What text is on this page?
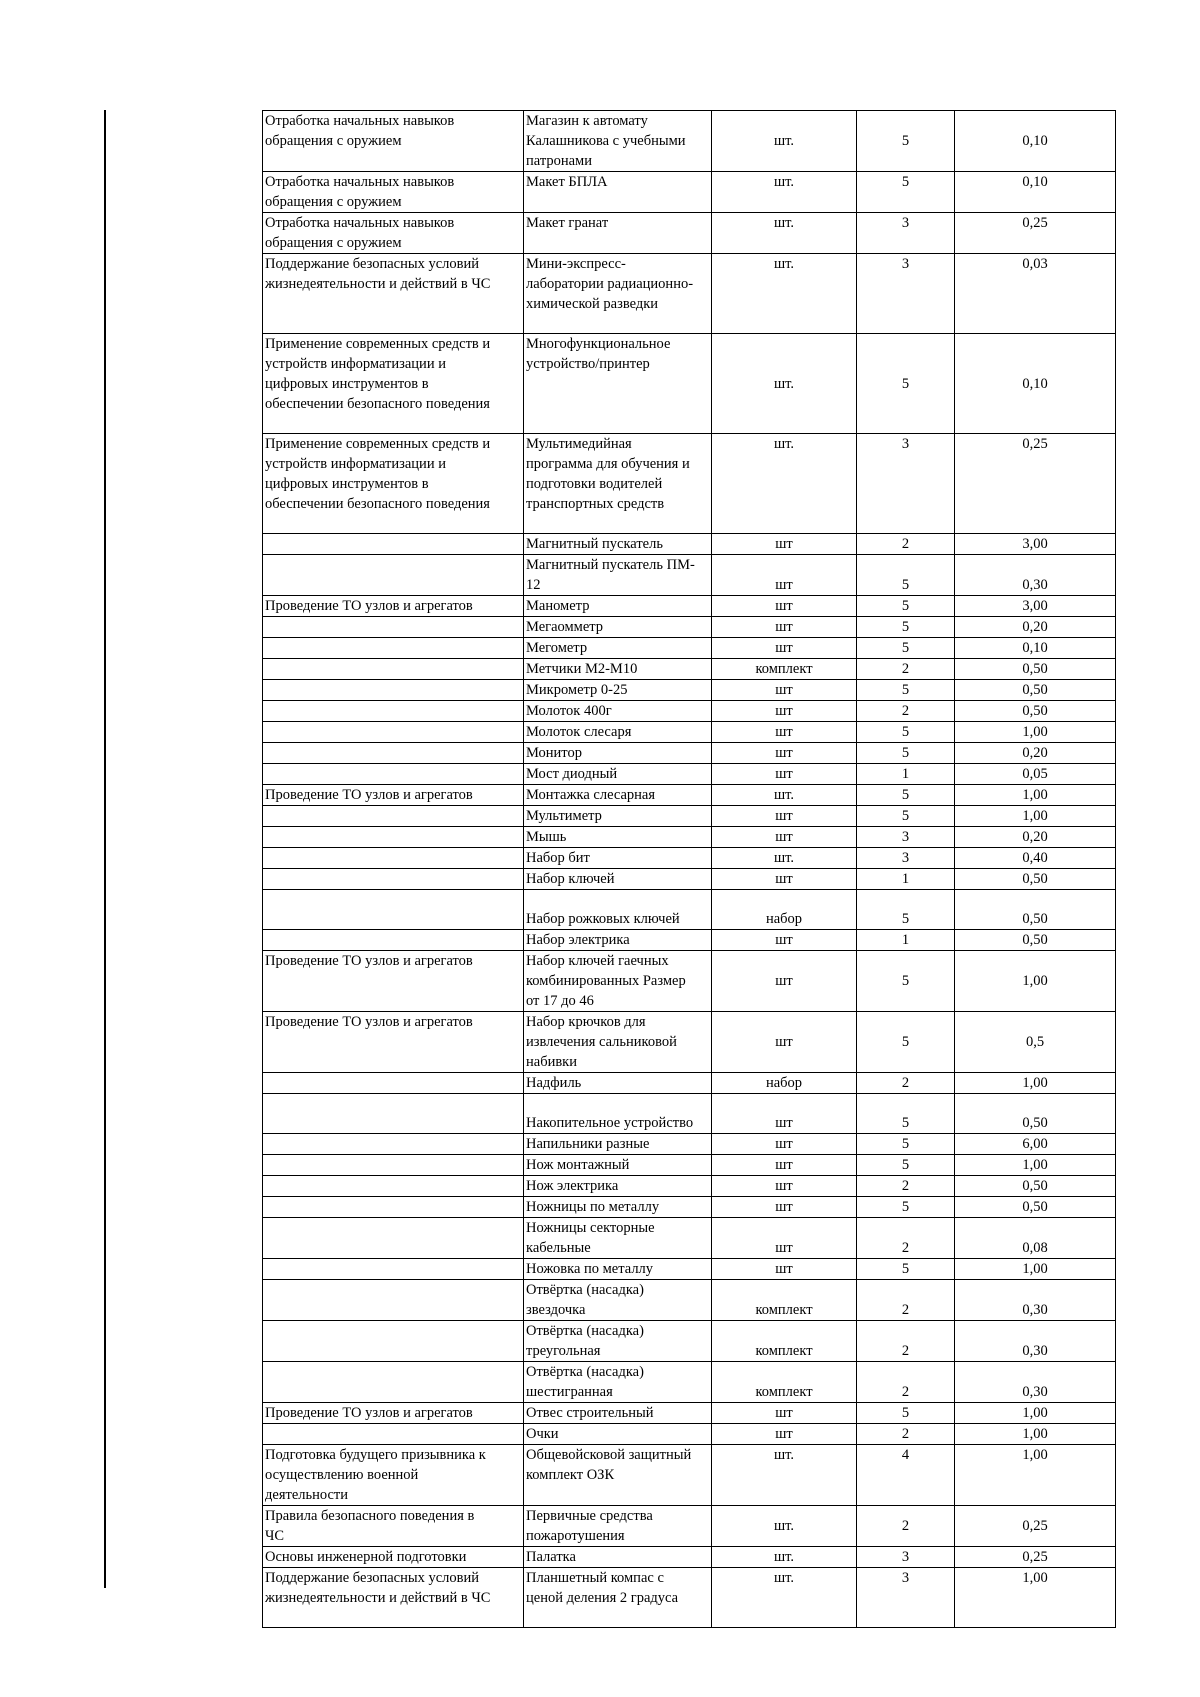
Отработка начальных навыков
обращения с оружием	Магазин к автомату
Калашникова с учебными
патронами	шт.	5	0,10
Отработка начальных навыков
обращения с оружием	Макет БПЛА	шт.	5	0,10
Отработка начальных навыков
обращения с оружием	Макет гранат	шт.	3	0,25
Поддержание безопасных условий
жизнедеятельности и действий в ЧС	Мини-экспресс-
лаборатории радиационно-
химической разведки	шт.	3	0,03
Применение современных средств и
устройств информатизации и
цифровых инструментов в
обеспечении безопасного поведения	Многофункциональное
устройство/принтер	шт.	5	0,10
Применение современных средств и
устройств информатизации и
цифровых инструментов в
обеспечении безопасного поведения	Мультимедийная
программа для обучения и
подготовки водителей
транспортных средств	шт.	3	0,25
	Магнитный пускатель	шт	2	3,00
	Магнитный пускатель ПМ-
12	шт	5	0,30
Проведение ТО узлов и агрегатов	Манометр	шт	5	3,00
	Мегаомметр	шт	5	0,20
	Мегометр	шт	5	0,10
	Метчики М2-М10	комплект	2	0,50
	Микрометр 0-25	шт	5	0,50
	Молоток 400г	шт	2	0,50
	Молоток слесаря	шт	5	1,00
	Монитор	шт	5	0,20
	Мост диодный	шт	1	0,05
Проведение ТО узлов и агрегатов	Монтажка слесарная	шт.	5	1,00
	Мультиметр	шт	5	1,00
	Мышь	шт	3	0,20
	Набор бит	шт.	3	0,40
	Набор ключей	шт	1	0,50
	Набор рожковых ключей	набор	5	0,50
	Набор электрика	шт	1	0,50
Проведение ТО узлов и агрегатов	Набор ключей гаечных
комбинированных Размер
от 17 до 46	шт	5	1,00
Проведение ТО узлов и агрегатов	Набор крючков для
извлечения сальниковой
набивки	шт	5	0,5
	Надфиль	набор	2	1,00
	Накопительное устройство	шт	5	0,50
	Напильники разные	шт	5	6,00
	Нож монтажный	шт	5	1,00
	Нож электрика	шт	2	0,50
	Ножницы по металлу	шт	5	0,50
	Ножницы секторные
кабельные	шт	2	0,08
	Ножовка по металлу	шт	5	1,00
	Отвёртка (насадка)
звездочка	комплект	2	0,30
	Отвёртка (насадка)
треугольная	комплект	2	0,30
	Отвёртка (насадка)
шестигранная	комплект	2	0,30
Проведение ТО узлов и агрегатов	Отвес строительный	шт	5	1,00
	Очки	шт	2	1,00
Подготовка будущего призывника к
осуществлению военной
деятельности	Общевойсковой защитный
комплект ОЗК	шт.	4	1,00
Правила безопасного поведения в
ЧС	Первичные средства
пожаротушения	шт.	2	0,25
Основы инженерной подготовки	Палатка	шт.	3	0,25
Поддержание безопасных условий
жизнедеятельности и действий в ЧС	Планшетный компас с
ценой деления 2 градуса	шт.	3	1,00
